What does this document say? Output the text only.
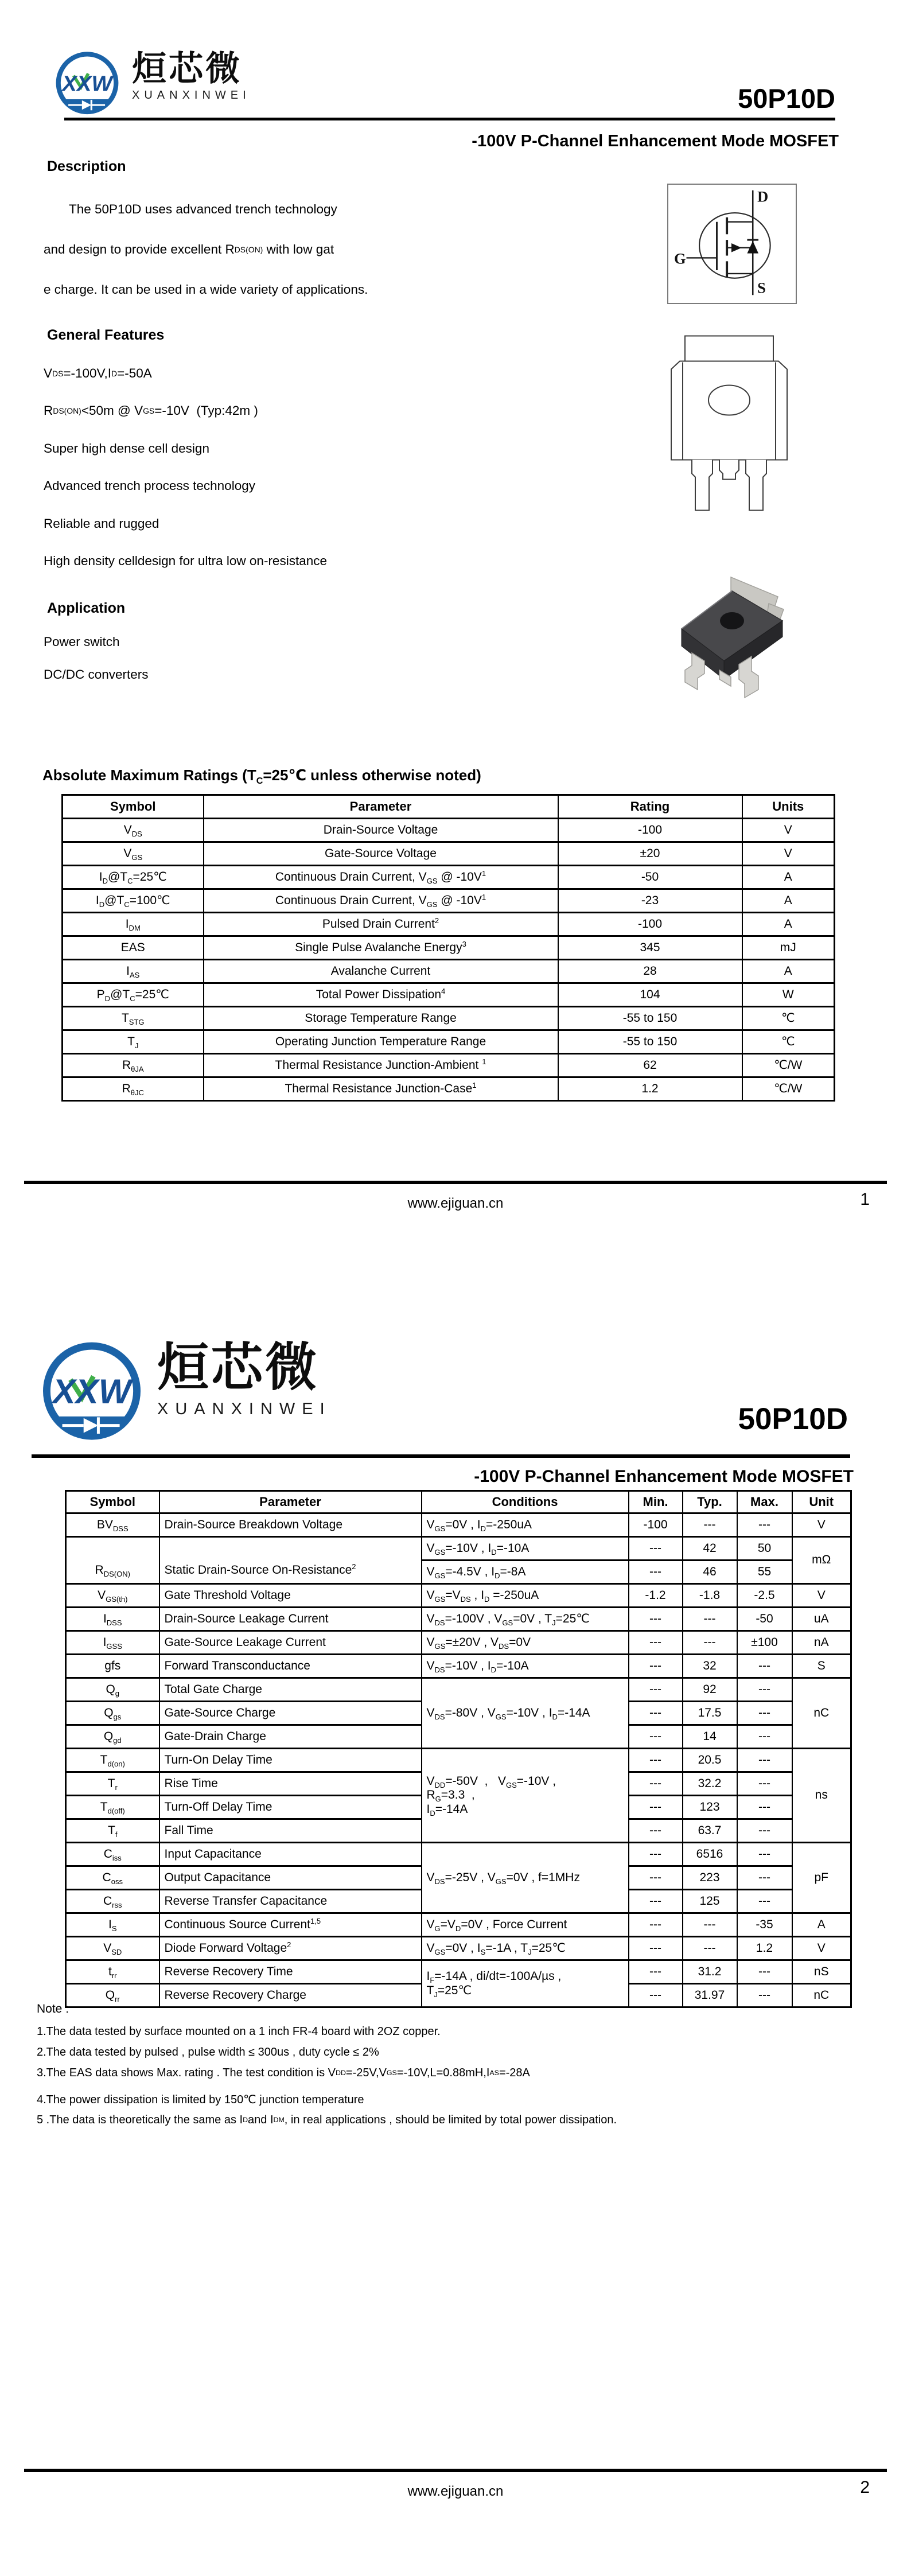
XXW 烜芯微
XUANXINWEI	50P10D
-100V P-Channel Enhancement Mode MOSFET
Description
The 50P10D uses advanced trench technology
and design to provide excellent R DS(ON) with low gat
e charge. It can be used in a wide variety of applications.
G
D
S
General Features
V DS =-100V,I D =-50A
R DS(ON) <50m @ V GS =-10V  (Typ:42m )
Super high dense cell design
Advanced trench process technology
Reliable and rugged
High density celldesign for ultra low on-resistance
Application
Power switch
DC/DC converters
Absolute Maximum Ratings ($T_C=25℃$ unless otherwise noted)
Symbol	Parameter	Rating	Units
$V_{DS}$	Drain-Source Voltage	-100	V
$V_{GS}$	Gate-Source Voltage	±20	V
$I_D@T_C=25℃$	Continuous Drain Current, $V_{GS}$ @ $-10V^1$	-50	A
$I_D@T_C=100℃$	Continuous Drain Current, $V_{GS}$ @ $-10V^1$	-23	A
$I_{DM}$	Pulsed Drain Current$^2$	-100	A
EAS	Single Pulse Avalanche Energy$^3$	345	mJ
$I_{AS}$	Avalanche Current	28	A
$P_D@T_C=25℃$	Total Power Dissipation$^4$	104	W
$T_{STG}$	Storage Temperature Range	-55 to 150	℃
$T_J$	Operating Junction Temperature Range	-55 to 150	℃
$R_{\theta JA}$	Thermal Resistance Junction-Ambient $^1$	62	℃/W
$R_{\theta JC}$	Thermal Resistance Junction-Case$^1$	1.2	℃/W
www.ejiguan.cn	1
XXW 烜芯微
XUANXINWEI	50P10D
-100V P-Channel Enhancement Mode MOSFET
Symbol	Parameter	Conditions	Min.	Typ.	Max.	Unit
$BV_{DSS}$	Drain-Source Breakdown Voltage	$V_{GS}=0V$ , $I_D=-250uA$	-100	---	---	V
$R_{DS(ON)}$	Static Drain-Source On-Resistance$^2$	$V_{GS}=-10V$ , $I_D=-10A$	---	42	50	mΩ
		$V_{GS}=-4.5V$ , $I_D=-8A$	---	46	55	
$V_{GS(th)}$	Gate Threshold Voltage	$V_{GS}=V_{DS}$ , $I_D =-250uA$	-1.2	-1.8	-2.5	V
$I_{DSS}$	Drain-Source Leakage Current	$V_{DS}=-100V$ , $V_{GS}=0V$ , $T_J=25℃$	---	---	-50	uA
$I_{GSS}$	Gate-Source Leakage Current	$V_{GS}=\pm 20V$ , $V_{DS}=0V$	---	---	±100	nA
gfs	Forward Transconductance	$V_{DS}=-10V$ , $I_D=-10A$	---	32	---	S
$Q_g$	Total Gate Charge	$V_{DS}=-80V$ , $V_{GS}=-10V$ , $I_D=-14A$	---	92	---	nC
$Q_{gs}$	Gate-Source Charge		---	17.5	---	
$Q_{gd}$	Gate-Drain Charge		---	14	---	
$T_{d(on)}$	Turn-On Delay Time	$V_{DD}=-50V$  ,   $V_{GS}=-10V$ ,
$R_G=3.3$  ,
$I_D=-14A$	---	20.5	---	ns
$T_r$	Rise Time		---	32.2	---	
$T_{d(off)}$	Turn-Off Delay Time		---	123	---	
$T_f$	Fall Time		---	63.7	---	
$C_{iss}$	Input Capacitance	$V_{DS}=-25V$ , $V_{GS}=0V$ , f=1MHz	---	6516	---	pF
$C_{oss}$	Output Capacitance		---	223	---	
$C_{rss}$	Reverse Transfer Capacitance		---	125	---	
$I_S$	Continuous Source Current$^{1,5}$	$V_G=V_D=0V$ , Force Current	---	---	-35	A
$V_{SD}$	Diode Forward Voltage$^2$	$V_{GS}=0V$ , $I_S=-1A$ , $T_J=25℃$	---	---	1.2	V
$t_{rr}$	Reverse Recovery Time	$I_F=-14A$ , di/dt=-100A/µs ,
$T_J=25℃$	---	31.2	---	nS
$Q_{rr}$	Reverse Recovery Charge		---	31.97	---	nC
Note :
1.The data tested by surface mounted on a 1 inch FR-4 board with 2OZ copper.
2.The data tested by pulsed , pulse width ≤ 300us , duty cycle ≤ 2%
3.The EAS data shows Max. rating . The test condition is V DD =-25V,V GS =-10V,L=0.88mH,I AS =-28A
4.The power dissipation is limited by 150℃ junction temperature
5 .The data is theoretically the same as I D and I DM , in real applications , should be limited by total power dissipation.
www.ejiguan.cn	2
